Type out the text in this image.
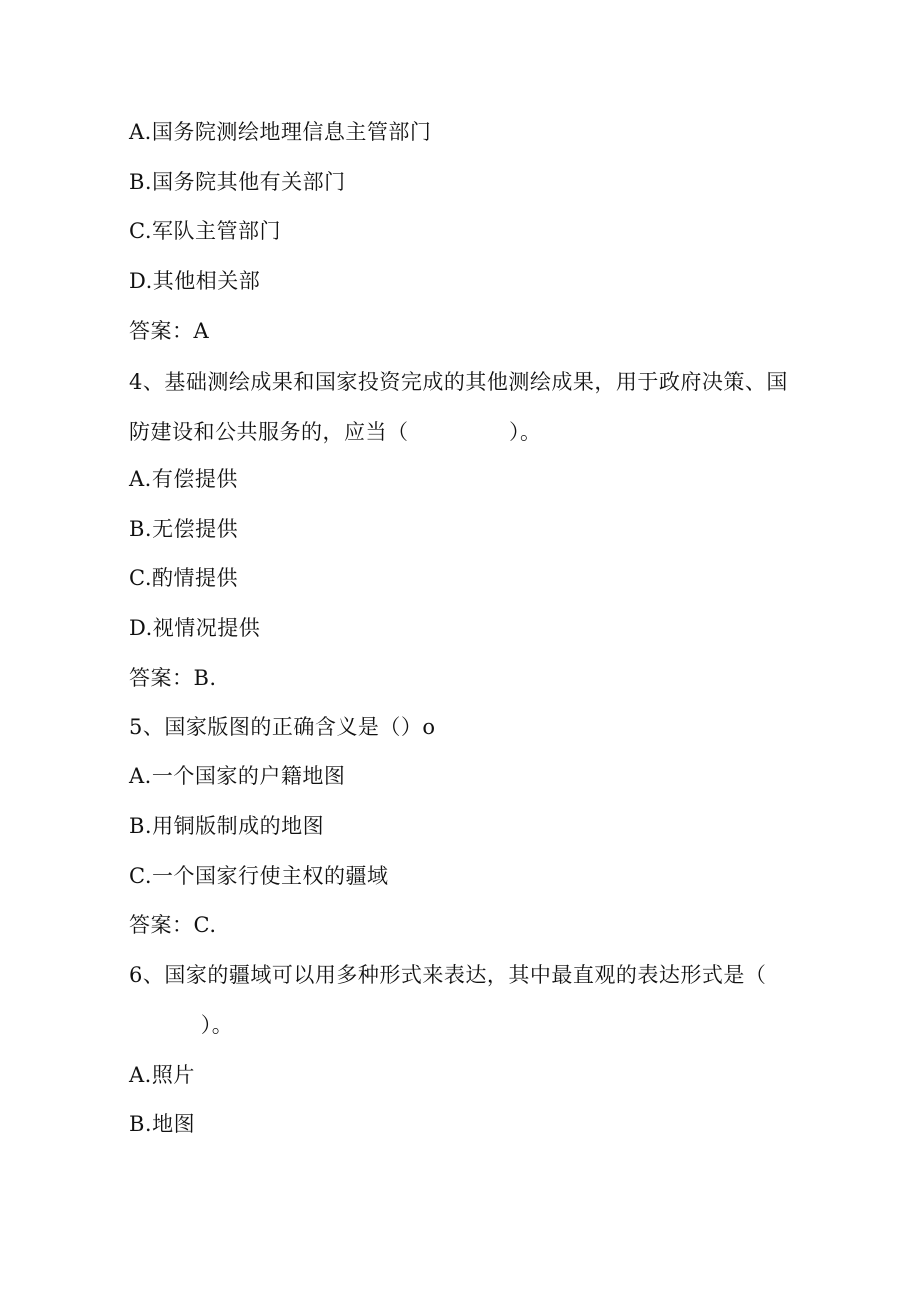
A.国务院测绘地理信息主管部门
B.国务院其他有关部门
C.军队主管部门
D.其他相关部
答案：A
4、基础测绘成果和国家投资完成的其他测绘成果，用于政府决策、国
防建设和公共服务的，应当（              ）。
A.有偿提供
B.无偿提供
C.酌情提供
D.视情况提供
答案：B.
5、国家版图的正确含义是（）o
A.一个国家的户籍地图
B.用铜版制成的地图
C.一个国家行使主权的疆域
答案：C.
6、国家的疆域可以用多种形式来表达，其中最直观的表达形式是（
）。
A.照片
B.地图
